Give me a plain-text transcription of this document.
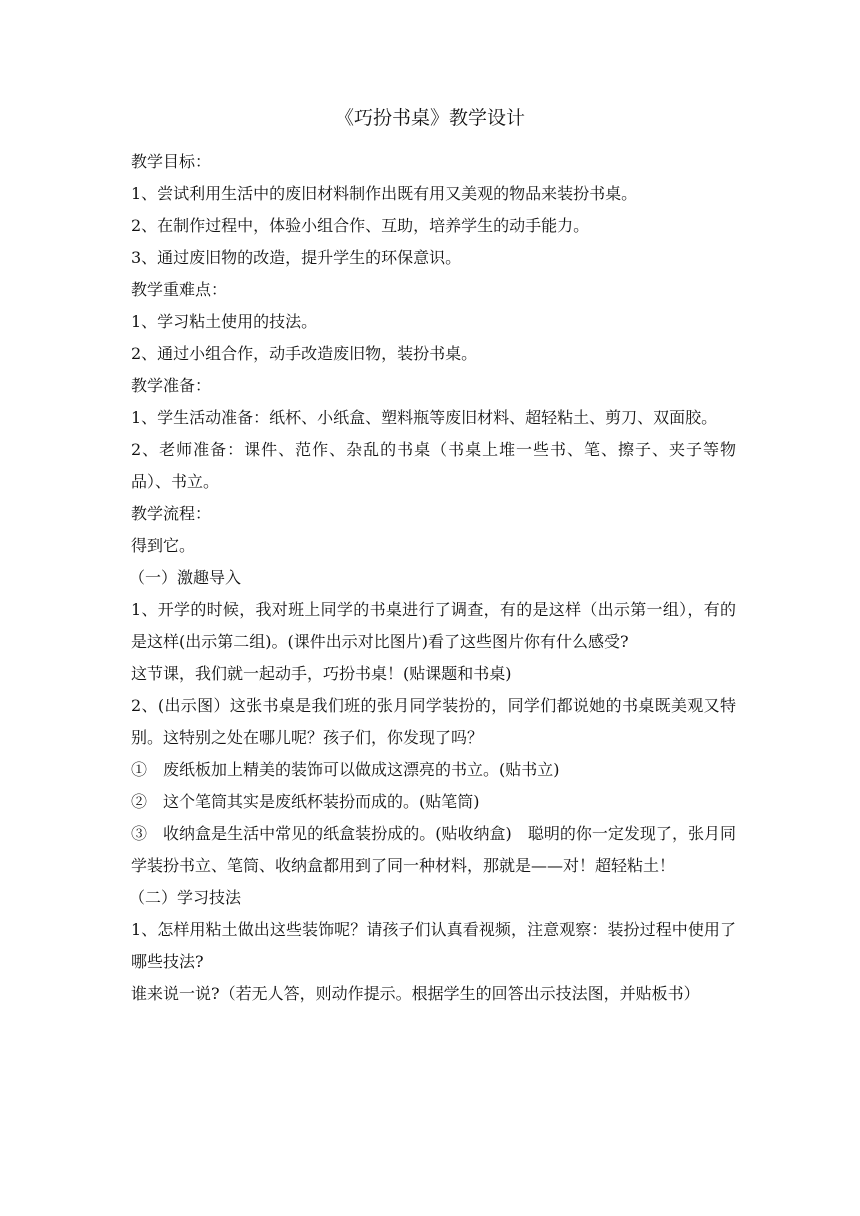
《巧扮书桌》教学设计

教学目标：

1、尝试利用生活中的废旧材料制作出既有用又美观的物品来装扮书桌。

2、在制作过程中，体验小组合作、互助，培养学生的动手能力。

3、通过废旧物的改造，提升学生的环保意识。

教学重难点：

1、学习粘土使用的技法。

2、通过小组合作，动手改造废旧物，装扮书桌。

教学准备：

1、学生活动准备：纸杯、小纸盒、塑料瓶等废旧材料、超轻粘土、剪刀、双面胶。

2、老师准备：课件、范作、杂乱的书桌（书桌上堆一些书、笔、擦子、夹子等物品）、书立。

教学流程：

得到它。

（一）激趣导入

1、开学的时候，我对班上同学的书桌进行了调查，有的是这样（出示第一组），有的是这样(出示第二组)。(课件出示对比图片)看了这些图片你有什么感受?

这节课，我们就一起动手，巧扮书桌！(贴课题和书桌)

2、(出示图）这张书桌是我们班的张月同学装扮的，同学们都说她的书桌既美观又特别。这特别之处在哪儿呢？孩子们，你发现了吗？

①　废纸板加上精美的装饰可以做成这漂亮的书立。(贴书立)

②　这个笔筒其实是废纸杯装扮而成的。(贴笔筒)

③　收纳盒是生活中常见的纸盒装扮成的。(贴收纳盒)　聪明的你一定发现了，张月同学装扮书立、笔筒、收纳盒都用到了同一种材料，那就是——对！超轻粘土！

（二）学习技法

1、怎样用粘土做出这些装饰呢？请孩子们认真看视频，注意观察：装扮过程中使用了哪些技法?

谁来说一说?（若无人答，则动作提示。根据学生的回答出示技法图，并贴板书）
